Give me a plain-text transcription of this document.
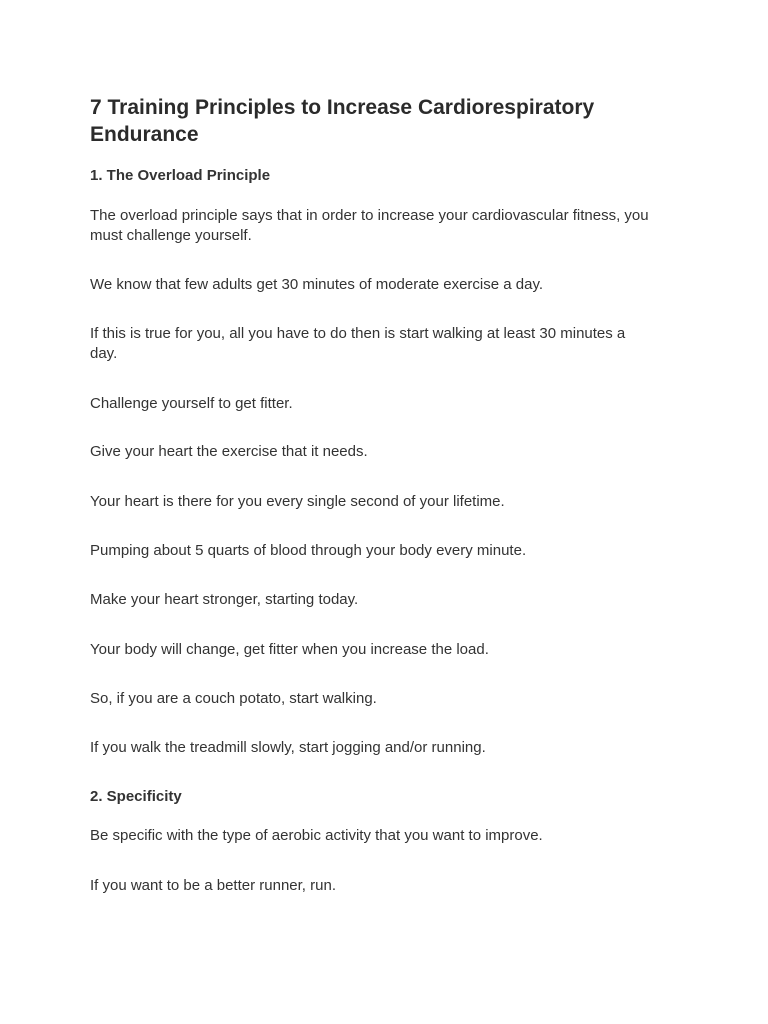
7 Training Principles to Increase Cardiorespiratory Endurance
1. The Overload Principle

The overload principle says that in order to increase your cardiovascular fitness, you must challenge yourself.

We know that few adults get 30 minutes of moderate exercise a day.

If this is true for you, all you have to do then is start walking at least 30 minutes a day.

Challenge yourself to get fitter.

Give your heart the exercise that it needs.

Your heart is there for you every single second of your lifetime.

Pumping about 5 quarts of blood through your body every minute.

Make your heart stronger, starting today.

Your body will change, get fitter when you increase the load.

So, if you are a couch potato, start walking.

If you walk the treadmill slowly, start jogging and/or running.

2. Specificity

Be specific with the type of aerobic activity that you want to improve.

If you want to be a better runner, run.
